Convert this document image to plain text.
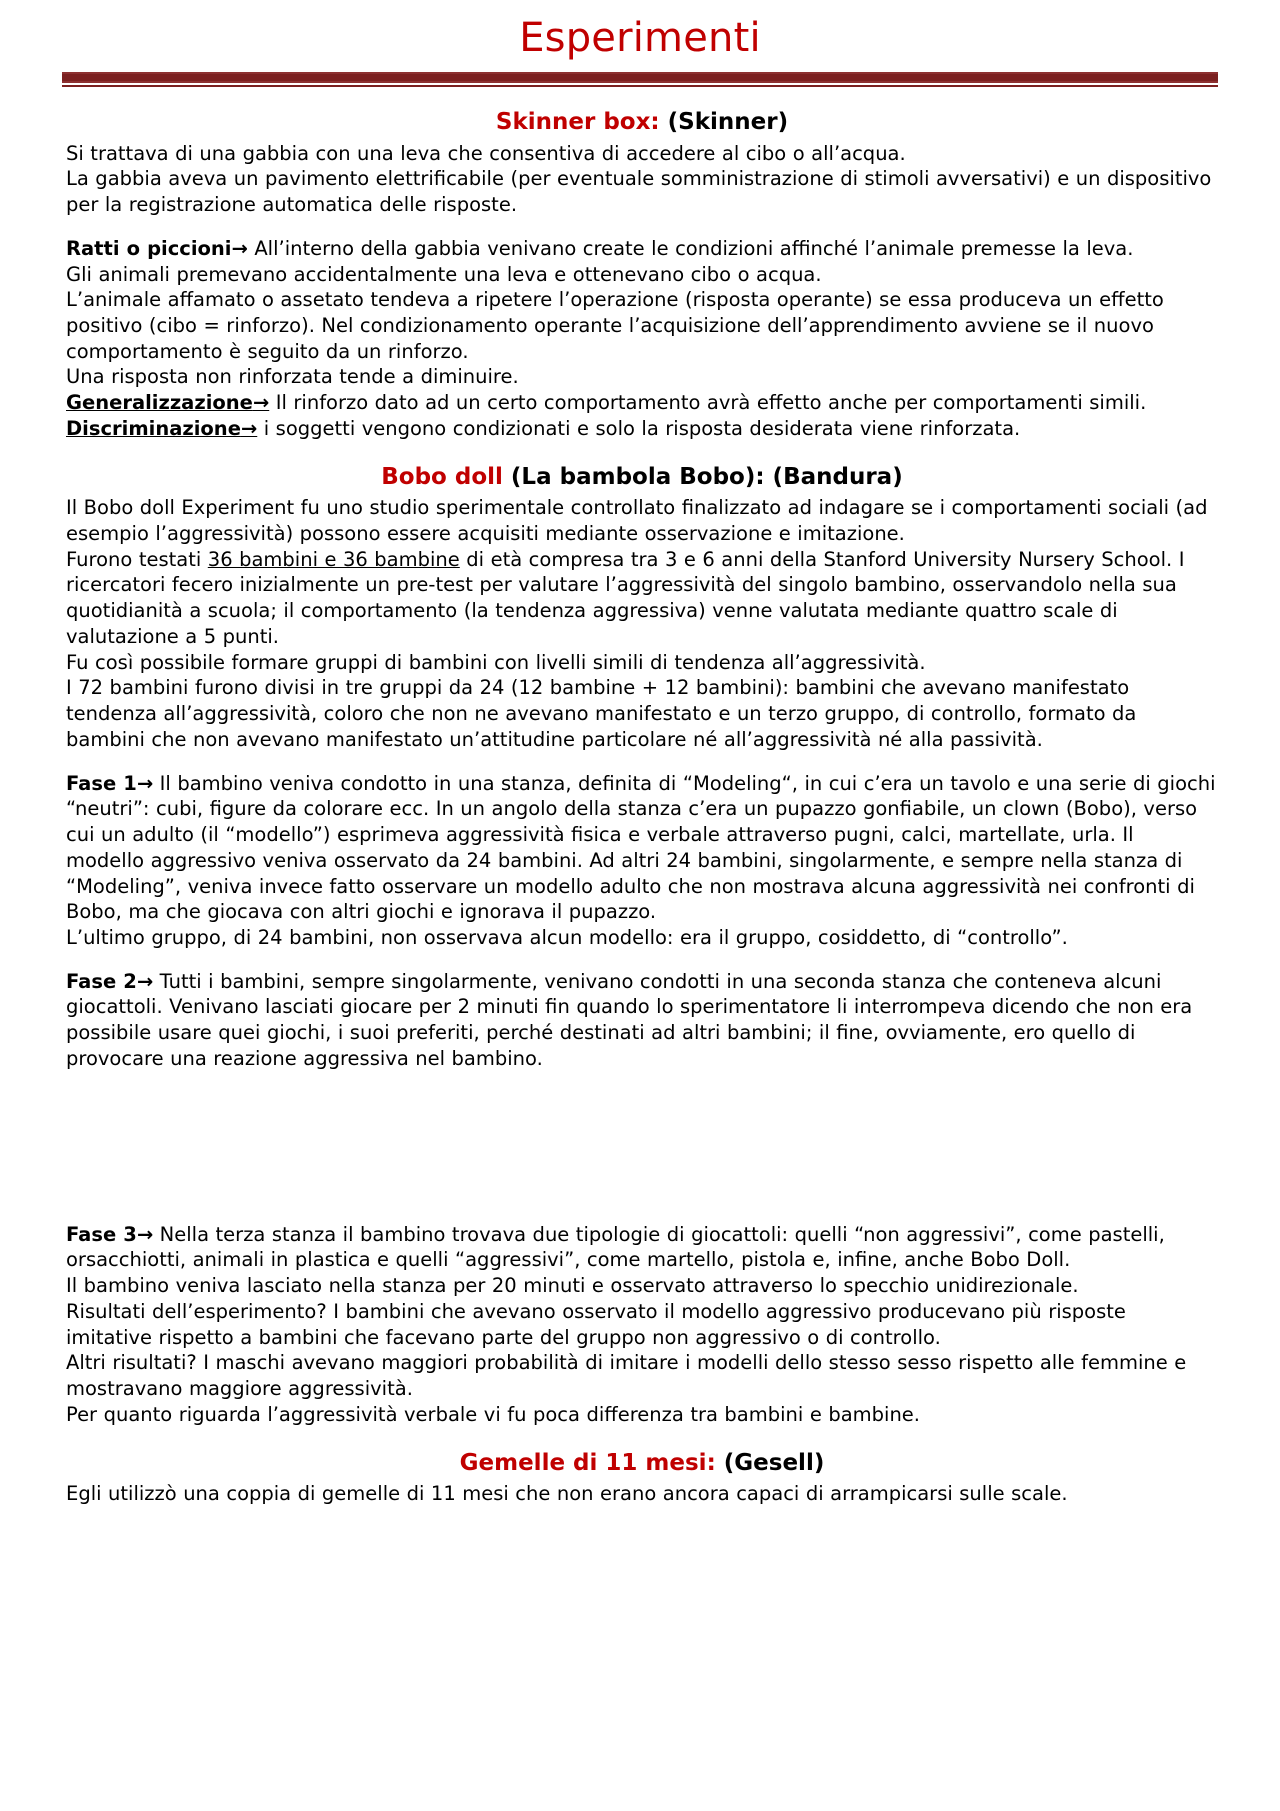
Esperimenti
Skinner box: (Skinner)

Si trattava di una gabbia con una leva che consentiva di accedere al cibo o all’acqua.

La gabbia aveva un pavimento elettrificabile (per eventuale somministrazione di stimoli avversativi) e un dispositivo per la registrazione automatica delle risposte.

Ratti o piccioni→ All’interno della gabbia venivano create le condizioni affinché l’animale premesse la leva.

Gli animali premevano accidentalmente una leva e ottenevano cibo o acqua.

L’animale affamato o assetato tendeva a ripetere l’operazione (risposta operante) se essa produceva un effetto positivo (cibo = rinforzo). Nel condizionamento operante l’acquisizione dell’apprendimento avviene se il nuovo comportamento è seguito da un rinforzo.

Una risposta non rinforzata tende a diminuire.

Generalizzazione→ Il rinforzo dato ad un certo comportamento avrà effetto anche per comportamenti simili.

Discriminazione→ i soggetti vengono condizionati e solo la risposta desiderata viene rinforzata.

Bobo doll (La bambola Bobo): (Bandura)

Il Bobo doll Experiment fu uno studio sperimentale controllato finalizzato ad indagare se i comportamenti sociali (ad esempio l’aggressività) possono essere acquisiti mediante osservazione e imitazione.

Furono testati 36 bambini e 36 bambine di età compresa tra 3 e 6 anni della Stanford University Nursery School. I ricercatori fecero inizialmente un pre-test per valutare l’aggressività del singolo bambino, osservandolo nella sua quotidianità a scuola; il comportamento (la tendenza aggressiva) venne valutata mediante quattro scale di valutazione a 5 punti.

Fu così possibile formare gruppi di bambini con livelli simili di tendenza all’aggressività.

I 72 bambini furono divisi in tre gruppi da 24 (12 bambine + 12 bambini): bambini che avevano manifestato tendenza all’aggressività, coloro che non ne avevano manifestato e un terzo gruppo, di controllo, formato da bambini che non avevano manifestato un’attitudine particolare né all’aggressività né alla passività.

Fase 1→ Il bambino veniva condotto in una stanza, definita di “Modeling“, in cui c’era un tavolo e una serie di giochi “neutri”: cubi, figure da colorare ecc. In un angolo della stanza c’era un pupazzo gonfiabile, un clown (Bobo), verso cui un adulto (il “modello”) esprimeva aggressività fisica e verbale attraverso pugni, calci, martellate, urla. Il modello aggressivo veniva osservato da 24 bambini. Ad altri 24 bambini, singolarmente, e sempre nella stanza di “Modeling”, veniva invece fatto osservare un modello adulto che non mostrava alcuna aggressività nei confronti di Bobo, ma che giocava con altri giochi e ignorava il pupazzo.

L’ultimo gruppo, di 24 bambini, non osservava alcun modello: era il gruppo, cosiddetto, di “controllo”.

Fase 2→ Tutti i bambini, sempre singolarmente, venivano condotti in una seconda stanza che conteneva alcuni giocattoli. Venivano lasciati giocare per 2 minuti fin quando lo sperimentatore li interrompeva dicendo che non era possibile usare quei giochi, i suoi preferiti, perché destinati ad altri bambini; il fine, ovviamente, ero quello di provocare una reazione aggressiva nel bambino.

Fase 3→ Nella terza stanza il bambino trovava due tipologie di giocattoli: quelli “non aggressivi”, come pastelli, orsacchiotti, animali in plastica e quelli “aggressivi”, come martello, pistola e, infine, anche Bobo Doll.

Il bambino veniva lasciato nella stanza per 20 minuti e osservato attraverso lo specchio unidirezionale.

Risultati dell’esperimento? I bambini che avevano osservato il modello aggressivo producevano più risposte imitative rispetto a bambini che facevano parte del gruppo non aggressivo o di controllo.

Altri risultati? I maschi avevano maggiori probabilità di imitare i modelli dello stesso sesso rispetto alle femmine e mostravano maggiore aggressività.

Per quanto riguarda l’aggressività verbale vi fu poca differenza tra bambini e bambine.

Gemelle di 11 mesi: (Gesell)

Egli utilizzò una coppia di gemelle di 11 mesi che non erano ancora capaci di arrampicarsi sulle scale.
